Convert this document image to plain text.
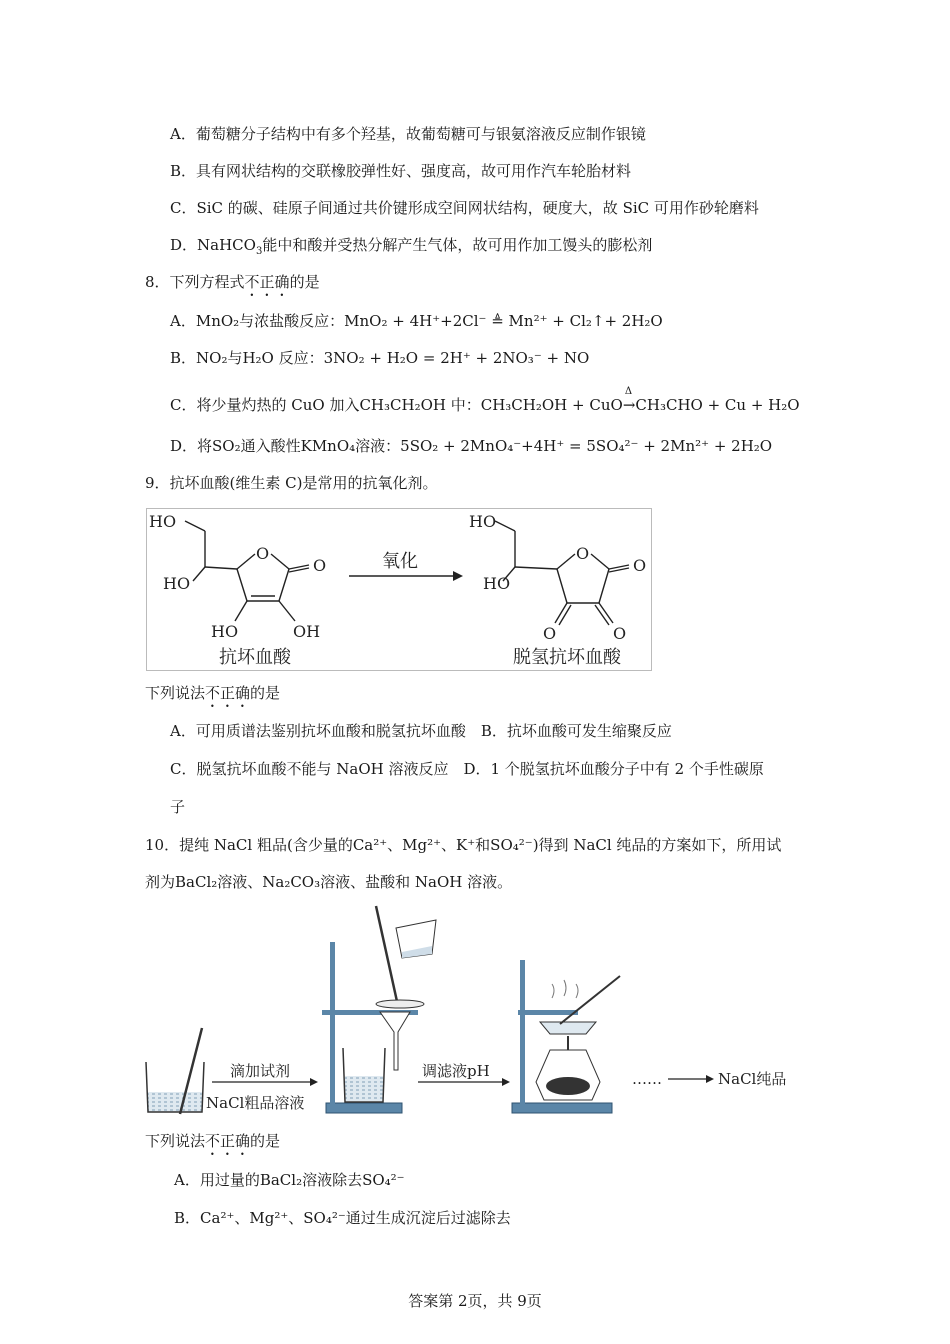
A．葡萄糖分子结构中有多个羟基，故葡萄糖可与银氨溶液反应制作银镜
B．具有网状结构的交联橡胶弹性好、强度高，故可用作汽车轮胎材料
C．SiC 的碳、硅原子间通过共价键形成空间网状结构，硬度大，故 SiC 可用作砂轮磨料
D．NaHCO$_3$能中和酸并受热分解产生气体，故可用作加工馒头的膨松剂
8．下列方程式不正确的是
A．MnO₂与浓盐酸反应：MnO₂ + 4H⁺+2Cl⁻ ≜ Mn²⁺ + Cl₂↑+ 2H₂O
B．NO₂与H₂O 反应：3NO₂ + H₂O = 2H⁺ + 2NO₃⁻ + NO
C．将少量灼热的 CuO 加入CH₃CH₂OH 中：CH₃CH₂OH + CuO
Δ
→CH₃CHO + Cu + H₂O
D．将SO₂通入酸性KMnO₄溶液：5SO₂ + 2MnO₄⁻+4H⁺ = 5SO₄²⁻ + 2Mn²⁺ + 2H₂O
9．抗坏血酸(维生素 C)是常用的抗氧化剂。
HO
HO
O
O
HO	OH
HO
HO
O
O
O	O
氧化
抗坏血酸	脱氢抗坏血酸
下列说法不正确的是
A．可用质谱法鉴别抗坏血酸和脱氢抗坏血酸　B．抗坏血酸可发生缩聚反应
C．脱氢抗坏血酸不能与 NaOH 溶液反应　D．1 个脱氢抗坏血酸分子中有 2 个手性碳原
子
10．提纯 NaCl 粗品(含少量的Ca²⁺、Mg²⁺、K⁺和SO₄²⁻)得到 NaCl 纯品的方案如下，所用试
剂为BaCl₂溶液、Na₂CO₃溶液、盐酸和 NaOH 溶液。
NaCl粗品溶液
滴加试剂	调滤液pH	……	NaCl纯品
下列说法不正确的是
A．用过量的BaCl₂溶液除去SO₄²⁻
B．Ca²⁺、Mg²⁺、SO₄²⁻通过生成沉淀后过滤除去
答案第 2页，共 9页
